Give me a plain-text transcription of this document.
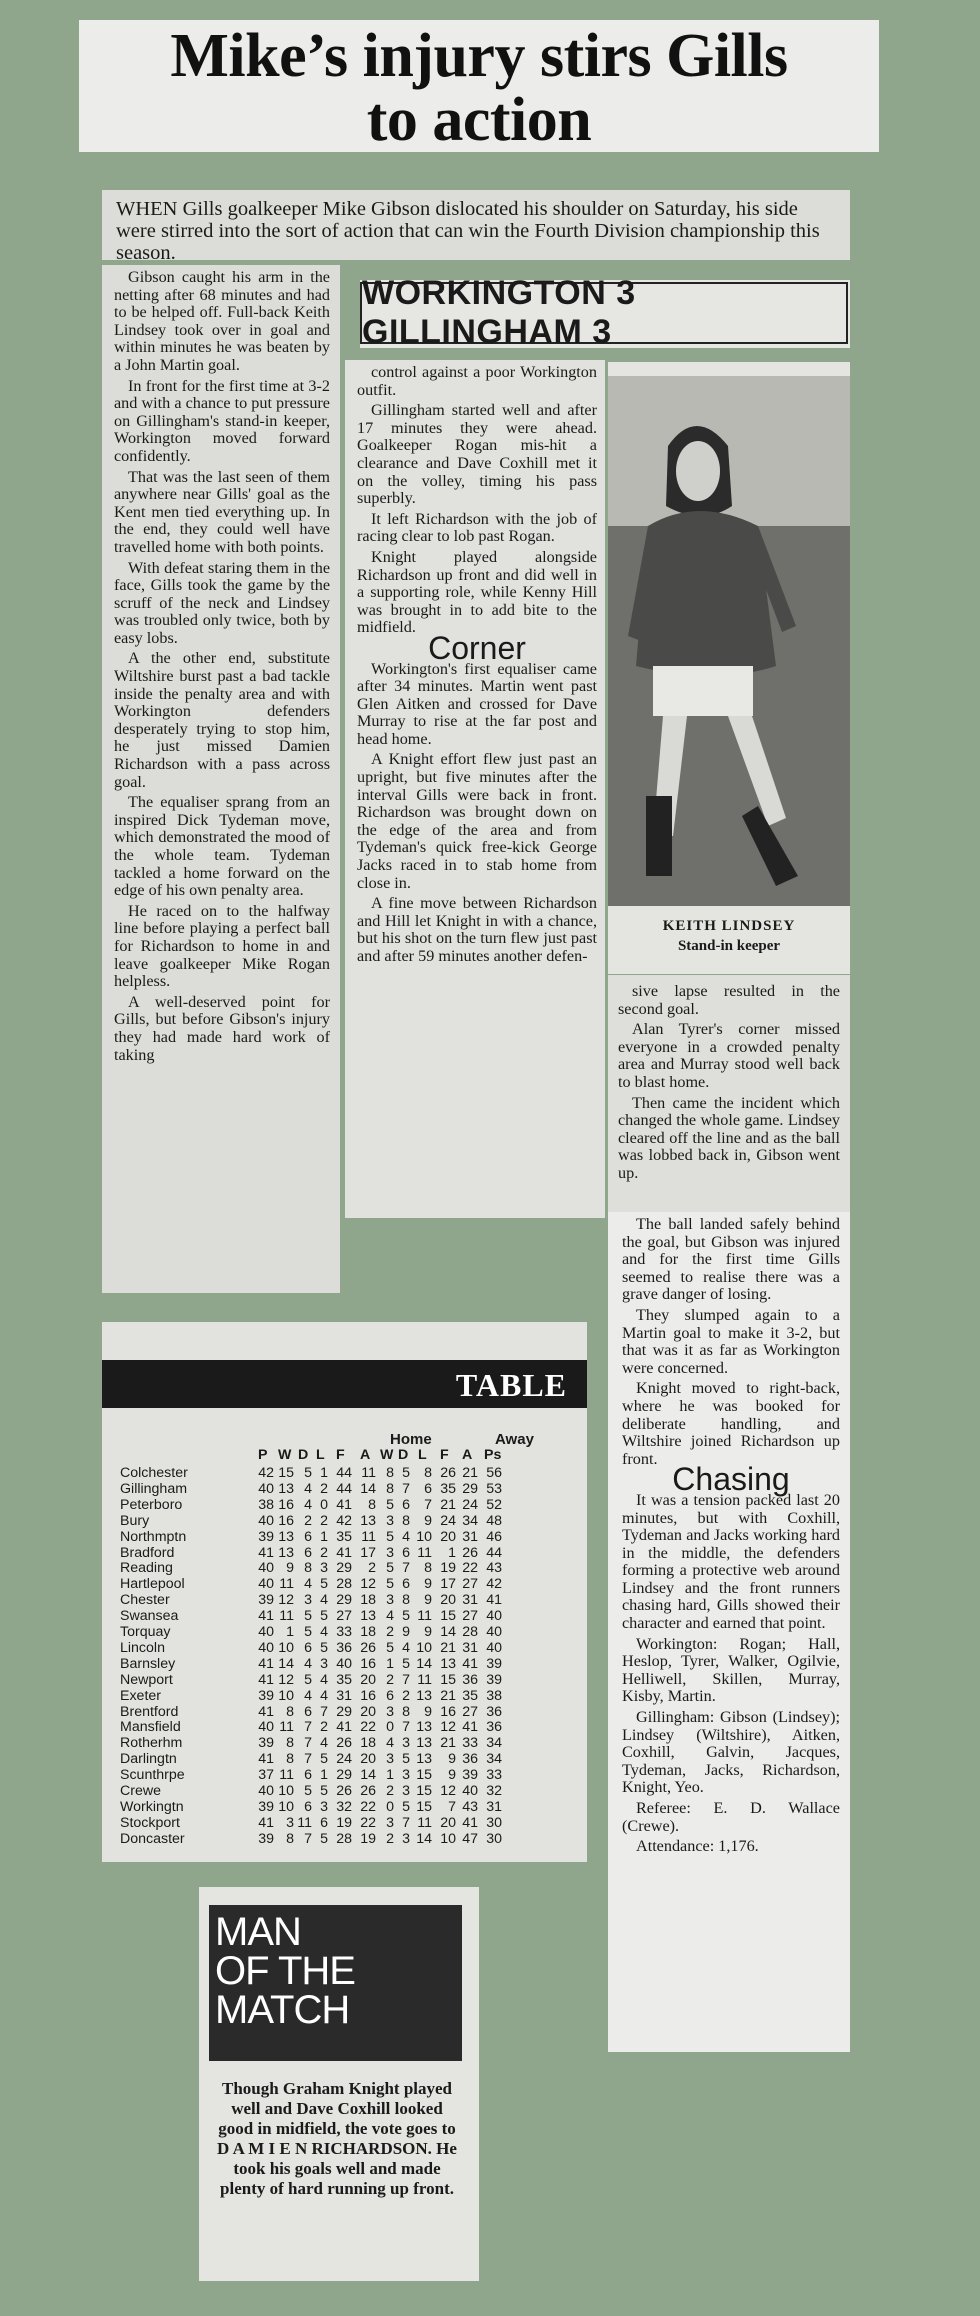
Mike’s injury stirs Gills
to action
WHEN Gills goalkeeper Mike Gibson dislocated his shoulder on Saturday, his side were stirred into the sort of action that can win the Fourth Division championship this season.
WORKINGTON 3 GILLINGHAM 3

Gibson caught his arm in the netting after 68 minutes and had to be helped off. Full-back Keith Lindsey took over in goal and within minutes he was beaten by a John Martin goal.

In front for the first time at 3-2 and with a chance to put pressure on Gillingham's stand-in keeper, Workington moved forward confidently.

That was the last seen of them anywhere near Gills' goal as the Kent men tied everything up. In the end, they could well have travelled home with both points.

With defeat staring them in the face, Gills took the game by the scruff of the neck and Lindsey was troubled only twice, both by easy lobs.

A the other end, substitute Wiltshire burst past a bad tackle inside the penalty area and with Workington defenders desperately trying to stop him, he just missed Damien Richardson with a pass across goal.

The equaliser sprang from an inspired Dick Tydeman move, which demonstrated the mood of the whole team. Tydeman tackled a home forward on the edge of his own penalty area.

He raced on to the halfway line before playing a perfect ball for Richardson to home in and leave goalkeeper Mike Rogan helpless.

A well-deserved point for Gills, but before Gibson's injury they had made hard work of taking

control against a poor Workington outfit.

Gillingham started well and after 17 minutes they were ahead. Goalkeeper Rogan mis-hit a clearance and Dave Coxhill met it on the volley, timing his pass superbly.

It left Richardson with the job of racing clear to lob past Rogan.

Knight played alongside Richardson up front and did well in a supporting role, while Kenny Hill was brought in to add bite to the midfield.

Corner

Workington's first equaliser came after 34 minutes. Martin went past Glen Aitken and crossed for Dave Murray to rise at the far post and head home.

A Knight effort flew just past an upright, but five minutes after the interval Gills were back in front. Richardson was brought down on the edge of the area and from Tydeman's quick free-kick George Jacks raced in to stab home from close in.

A fine move between Richardson and Hill let Knight in with a chance, but his shot on the turn flew just past and after 59 minutes another defen-

KEITH LINDSEY
Stand-in keeper

sive lapse resulted in the second goal.

Alan Tyrer's corner missed everyone in a crowded penalty area and Murray stood well back to blast home.

Then came the incident which changed the whole game. Lindsey cleared off the line and as the ball was lobbed back in, Gibson went up.

The ball landed safely behind the goal, but Gibson was injured and for the first time Gills seemed to realise there was a grave danger of losing.

They slumped again to a Martin goal to make it 3-2, but that was it as far as Workington were concerned.

Knight moved to right-back, where he was booked for deliberate handling, and Wiltshire joined Richardson up front.

Chasing

It was a tension packed last 20 minutes, but with Coxhill, Tydeman and Jacks working hard in the middle, the defenders forming a protective web around Lindsey and the front runners chasing hard, Gills showed their character and earned that point.

Workington: Rogan; Hall, Heslop, Tyrer, Walker, Ogilvie, Helliwell, Skillen, Murray, Kisby, Martin.

Gillingham: Gibson (Lindsey); Lindsey (Wiltshire), Aitken, Coxhill, Galvin, Jacques, Tydeman, Jacks, Richardson, Knight, Yeo.

Referee: E. D. Wallace (Crewe).

Attendance: 1,176.

TABLE
Home	Away
P W D L F A W D L F A Ps
Colchester	42 15 5 1 44 11 8 5 8 26 21 56
Gillingham	40 13 4 2 44 14 8 7 6 35 29 53
Peterboro	38 16 4 0 41	8 5 6 7 21 24 52
Bury	40 16 2 2 42 13 3 8 9 24 34 48
Northmptn	39 13 6 1 35 11 5 4 10 20 31 46
Bradford	41 13 6 2 41 17 3 6 11	1 26 44
Reading	40 9 8 3 29	2 5 7 8 19 22 43
Hartlepool	40 11 4 5 28 12 5 6 9 17 27 42
Chester	39 12 3 4 29 18 3 8 9 20 31 41
Swansea	41 11 5 5 27 13 4 5 11 15 27 40
Torquay	40 1 5 4 33 18 2 9 9 14 28 40
Lincoln	40 10 6 5 36 26 5 4 10 21 31 40
Barnsley	41 14 4 3 40 16 1 5 14 13 41 39
Newport	41 12 5 4 35 20 2 7 11 15 36 39
Exeter	39 10 4 4 31 16 6 2 13 21 35 38
Brentford	41 8 6 7 29 20 3 8 9 16 27 36
Mansfield	40 11 7 2 41 22 0 7 13 12 41 36
Rotherhm	39 8 7 4 26 18 4 3 13 21 33 34
Darlingtn	41 8 7 5 24 20 3 5 13	9 36 34
Scunthrpe	37 11 6 1 29 14 1 3 15	9 39 33
Crewe	40 10 5 5 26 26 2 3 15 12 40 32
Workingtn	39 10 6 3 32 22 0 5 15	7 43 31
Stockport	41 3 11 6 19 22 3 7 11 20 41 30
Doncaster	39 8 7 5 28 19 2 3 14 10 47 30
MAN
OF THE
MATCH
Though Graham Knight played well and Dave Coxhill looked good in midfield, the vote goes to D A M I E N RICHARDSON. He took his goals well and made plenty of hard running up front.
